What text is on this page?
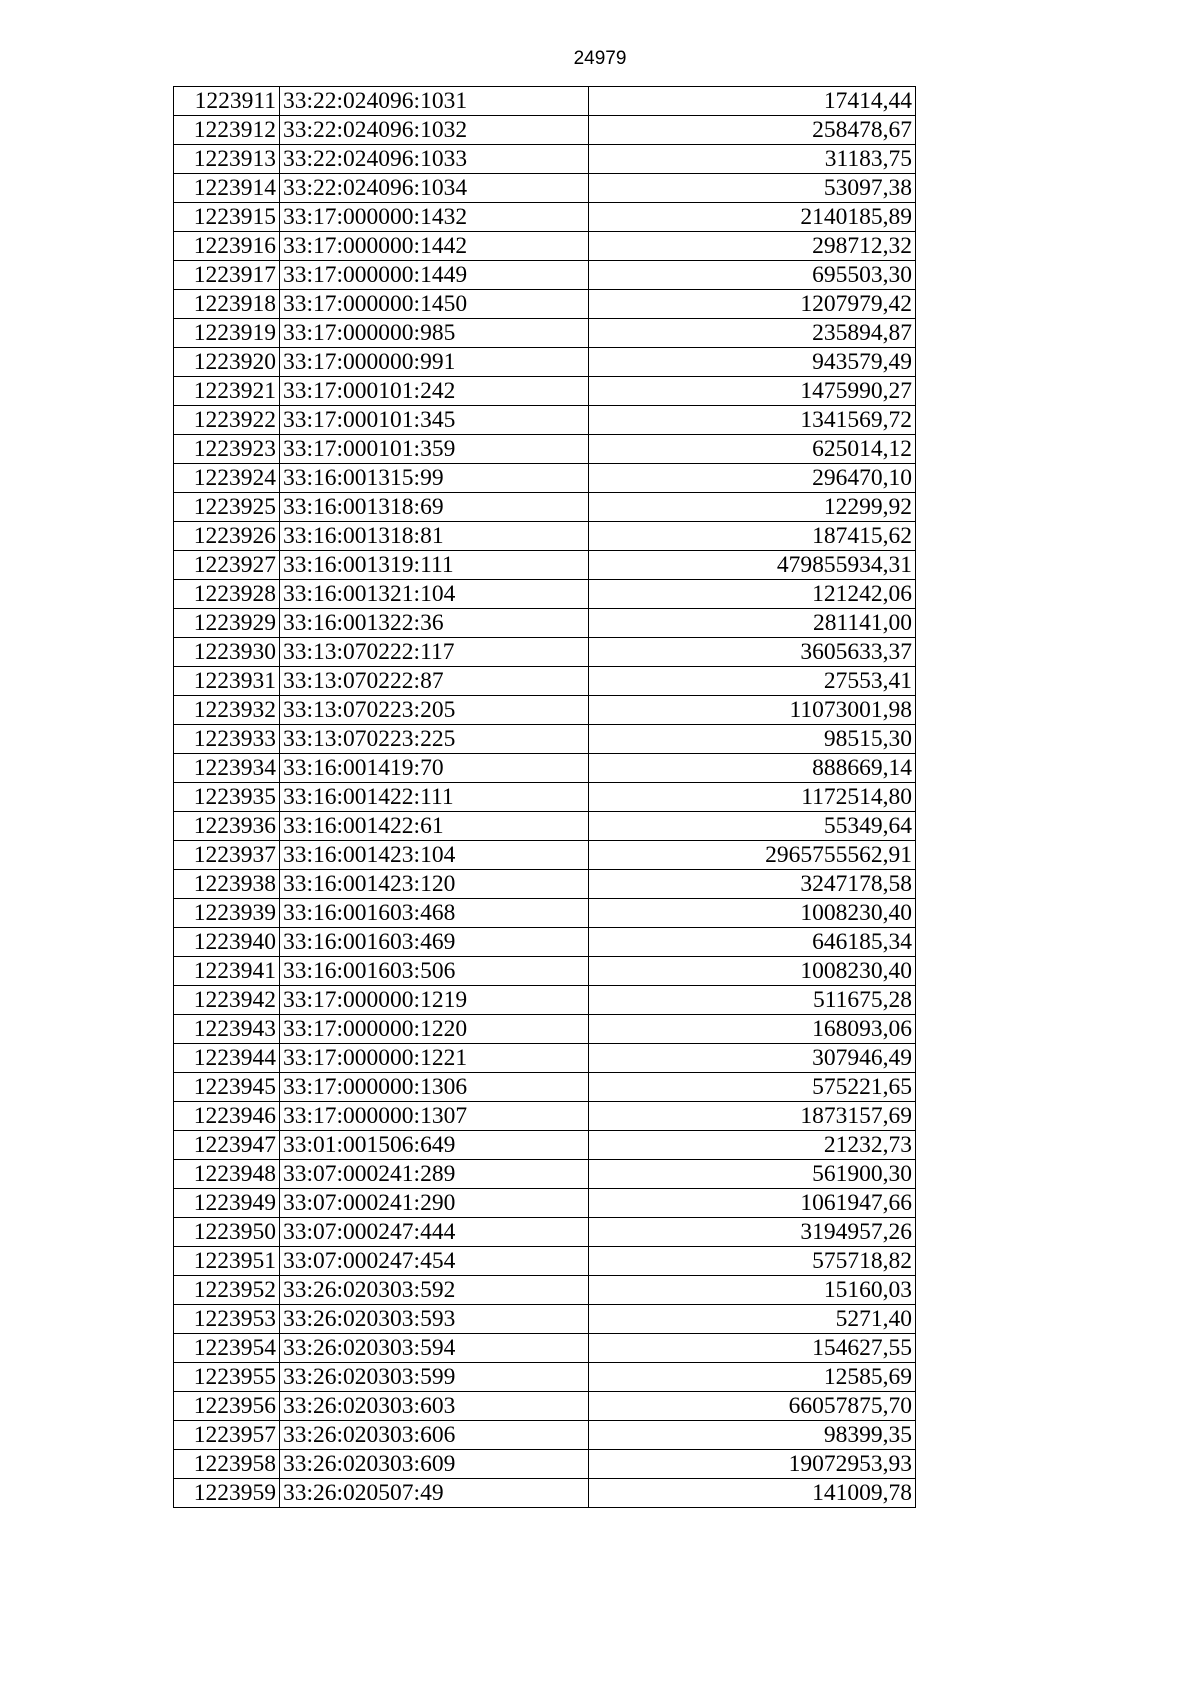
24979
1223911	33:22:024096:1031	17414,44
1223912	33:22:024096:1032	258478,67
1223913	33:22:024096:1033	31183,75
1223914	33:22:024096:1034	53097,38
1223915	33:17:000000:1432	2140185,89
1223916	33:17:000000:1442	298712,32
1223917	33:17:000000:1449	695503,30
1223918	33:17:000000:1450	1207979,42
1223919	33:17:000000:985	235894,87
1223920	33:17:000000:991	943579,49
1223921	33:17:000101:242	1475990,27
1223922	33:17:000101:345	1341569,72
1223923	33:17:000101:359	625014,12
1223924	33:16:001315:99	296470,10
1223925	33:16:001318:69	12299,92
1223926	33:16:001318:81	187415,62
1223927	33:16:001319:111	479855934,31
1223928	33:16:001321:104	121242,06
1223929	33:16:001322:36	281141,00
1223930	33:13:070222:117	3605633,37
1223931	33:13:070222:87	27553,41
1223932	33:13:070223:205	11073001,98
1223933	33:13:070223:225	98515,30
1223934	33:16:001419:70	888669,14
1223935	33:16:001422:111	1172514,80
1223936	33:16:001422:61	55349,64
1223937	33:16:001423:104	2965755562,91
1223938	33:16:001423:120	3247178,58
1223939	33:16:001603:468	1008230,40
1223940	33:16:001603:469	646185,34
1223941	33:16:001603:506	1008230,40
1223942	33:17:000000:1219	511675,28
1223943	33:17:000000:1220	168093,06
1223944	33:17:000000:1221	307946,49
1223945	33:17:000000:1306	575221,65
1223946	33:17:000000:1307	1873157,69
1223947	33:01:001506:649	21232,73
1223948	33:07:000241:289	561900,30
1223949	33:07:000241:290	1061947,66
1223950	33:07:000247:444	3194957,26
1223951	33:07:000247:454	575718,82
1223952	33:26:020303:592	15160,03
1223953	33:26:020303:593	5271,40
1223954	33:26:020303:594	154627,55
1223955	33:26:020303:599	12585,69
1223956	33:26:020303:603	66057875,70
1223957	33:26:020303:606	98399,35
1223958	33:26:020303:609	19072953,93
1223959	33:26:020507:49	141009,78
